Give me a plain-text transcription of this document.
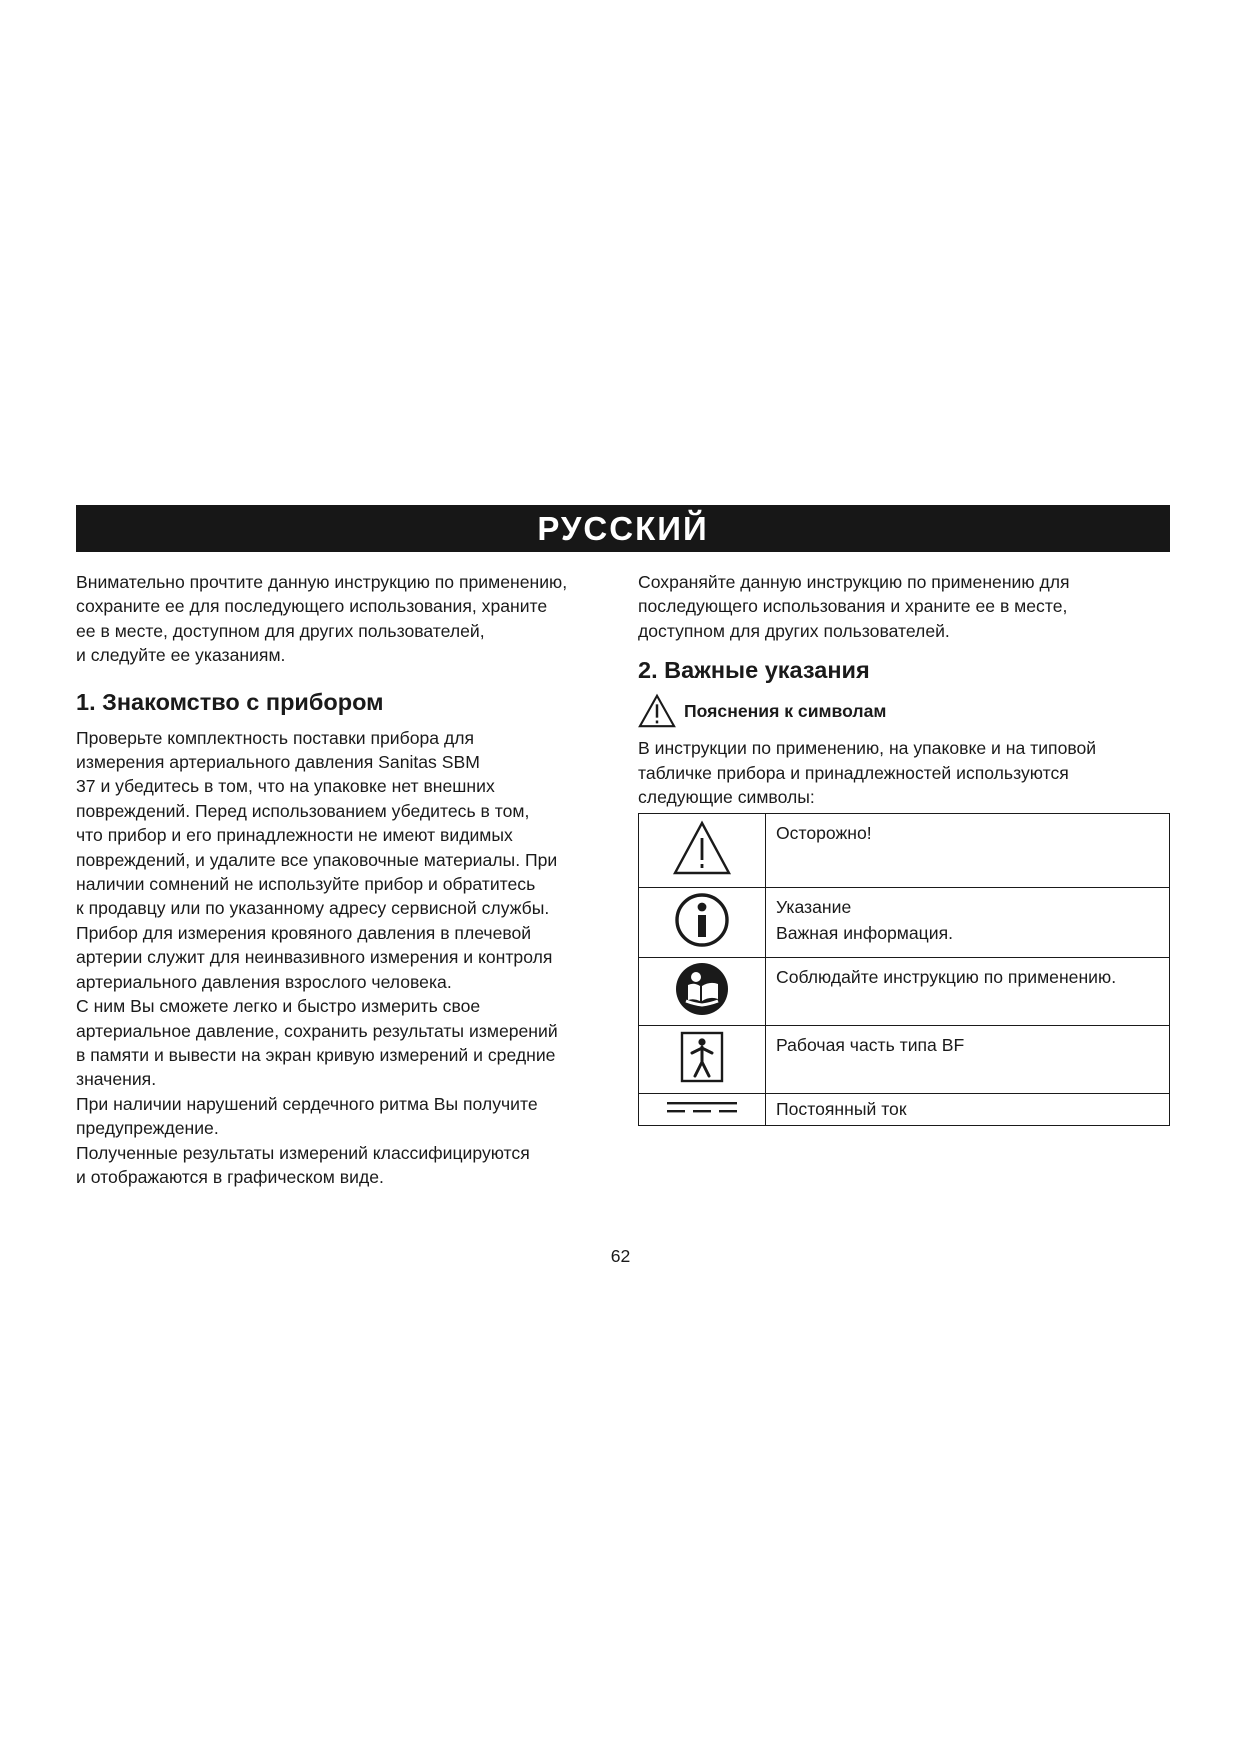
РУССКИЙ

Внимательно прочтите данную инструкцию по применению,
сохраните ее для последующего использования, храните
ее в месте, доступном для других пользователей,
и следуйте ее указаниям.

1. Знакомство с прибором

Проверьте комплектность поставки прибора для
измерения артериального давления Sanitas SBM
37 и убедитесь в том, что на упаковке нет внешних
повреждений. Перед использованием убедитесь в том,
что прибор и его принадлежности не имеют видимых
повреждений, и удалите все упаковочные материалы. При
наличии сомнений не используйте прибор и обратитесь
к продавцу или по указанному адресу сервисной службы.
Прибор для измерения кровяного давления в плечевой
артерии служит для неинвазивного измерения и контроля
артериального давления взрослого человека.
С ним Вы сможете легко и быстро измерить свое
артериальное давление, сохранить результаты измерений
в памяти и вывести на экран кривую измерений и средние
значения.
При наличии нарушений сердечного ритма Вы получите
предупреждение.
Полученные результаты измерений классифицируются
и отображаются в графическом виде.

Сохраняйте данную инструкцию по применению для
последующего использования и храните ее в месте,
доступном для других пользователей.

2. Важные указания
Пояснения к символам

В инструкции по применению, на упаковке и на типовой
табличке прибора и принадлежностей используются
следующие символы:

	Осторожно!
	Указание
Важная информация.
	Соблюдайте инструкцию по применению.
	Рабочая часть типа BF
	Постоянный ток
62
